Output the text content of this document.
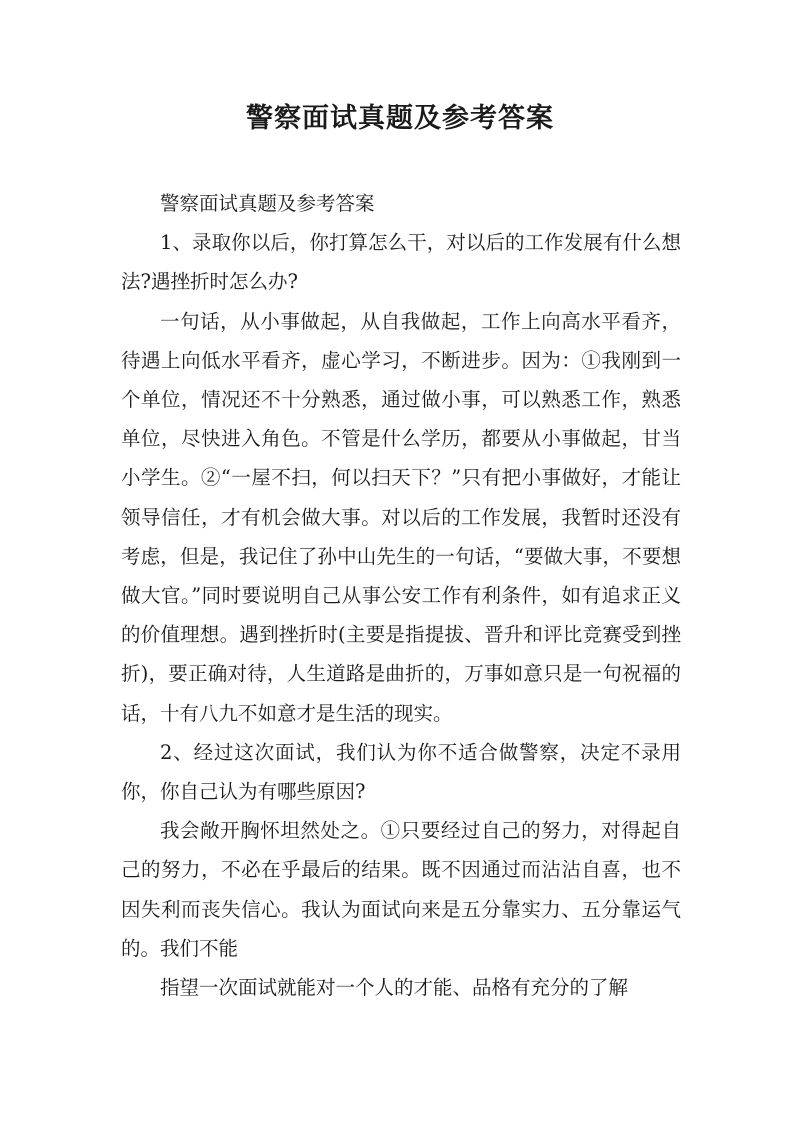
警察面试真题及参考答案

警察面试真题及参考答案

1、录取你以后，你打算怎么干，对以后的工作发展有什么想法?遇挫折时怎么办?

一句话，从小事做起，从自我做起，工作上向高水平看齐，待遇上向低水平看齐，虚心学习，不断进步。因为：①我刚到一个单位，情况还不十分熟悉，通过做小事，可以熟悉工作，熟悉单位，尽快进入角色。不管是什么学历，都要从小事做起，甘当小学生。②“一屋不扫，何以扫天下？”只有把小事做好，才能让领导信任，才有机会做大事。对以后的工作发展，我暂时还没有考虑，但是，我记住了孙中山先生的一句话，“要做大事，不要想做大官。”同时要说明自己从事公安工作有利条件，如有追求正义的价值理想。遇到挫折时(主要是指提拔、晋升和评比竞赛受到挫折)，要正确对待，人生道路是曲折的，万事如意只是一句祝福的话，十有八九不如意才是生活的现实。

2、经过这次面试，我们认为你不适合做警察，决定不录用你，你自己认为有哪些原因?

我会敞开胸怀坦然处之。①只要经过自己的努力，对得起自己的努力，不必在乎最后的结果。既不因通过而沾沾自喜，也不因失利而丧失信心。我认为面试向来是五分靠实力、五分靠运气的。我们不能

指望一次面试就能对一个人的才能、品格有充分的了解
